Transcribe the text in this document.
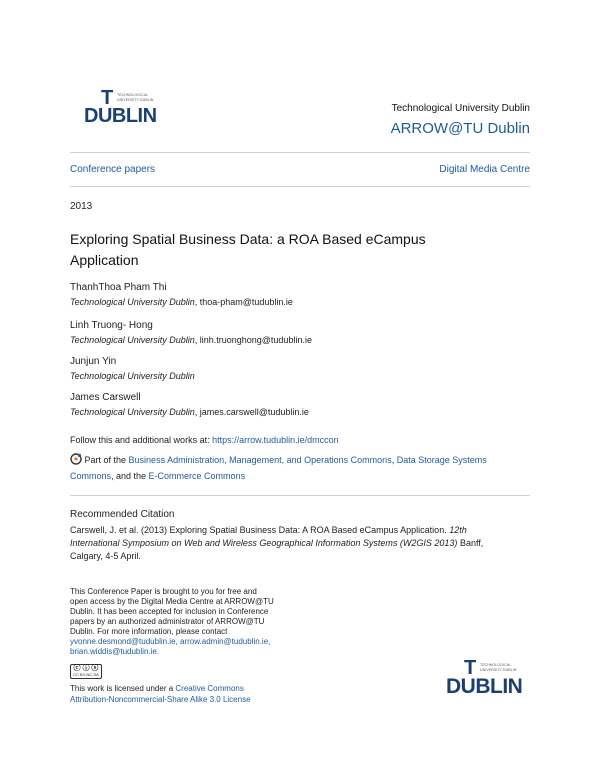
T TECHNOLOGICAL
UNIVERSITY DUBLIN
DUBLIN	Technological University Dublin
ARROW@TU Dublin
Conference papers	Digital Media Centre
2013
Exploring Spatial Business Data: a ROA Based eCampus
Application
ThanhThoa Pham Thi
Technological University Dublin, thoa-pham@tudublin.ie
Linh Truong- Hong
Technological University Dublin, linh.truonghong@tudublin.ie
Junjun Yin
Technological University Dublin
James Carswell
Technological University Dublin, james.carswell@tudublin.ie
Follow this and additional works at: https://arrow.tudublin.ie/dmccon
Part of the Business Administration, Management, and Operations Commons, Data Storage Systems
Commons, and the E-Commerce Commons
Recommended Citation
Carswell, J. et al. (2013) Exploring Spatial Business Data: A ROA Based eCampus Application. 12th
International Symposium on Web and Wireless Geographical Information Systems (W2GIS 2013) Banff,
Calgary, 4-5 April.
This Conference Paper is brought to you for free and
open access by the Digital Media Centre at ARROW@TU
Dublin. It has been accepted for inclusion in Conference
papers by an authorized administrator of ARROW@TU
Dublin. For more information, please contact
yvonne.desmond@tudublin.ie, arrow.admin@tudublin.ie,
brian.widdis@tudublin.ie.
ⓒ ⓘ ⓢ
CC BY-NC-SA
This work is licensed under a Creative Commons
Attribution-Noncommercial-Share Alike 3.0 License
T TECHNOLOGICAL
UNIVERSITY DUBLIN
DUBLIN
